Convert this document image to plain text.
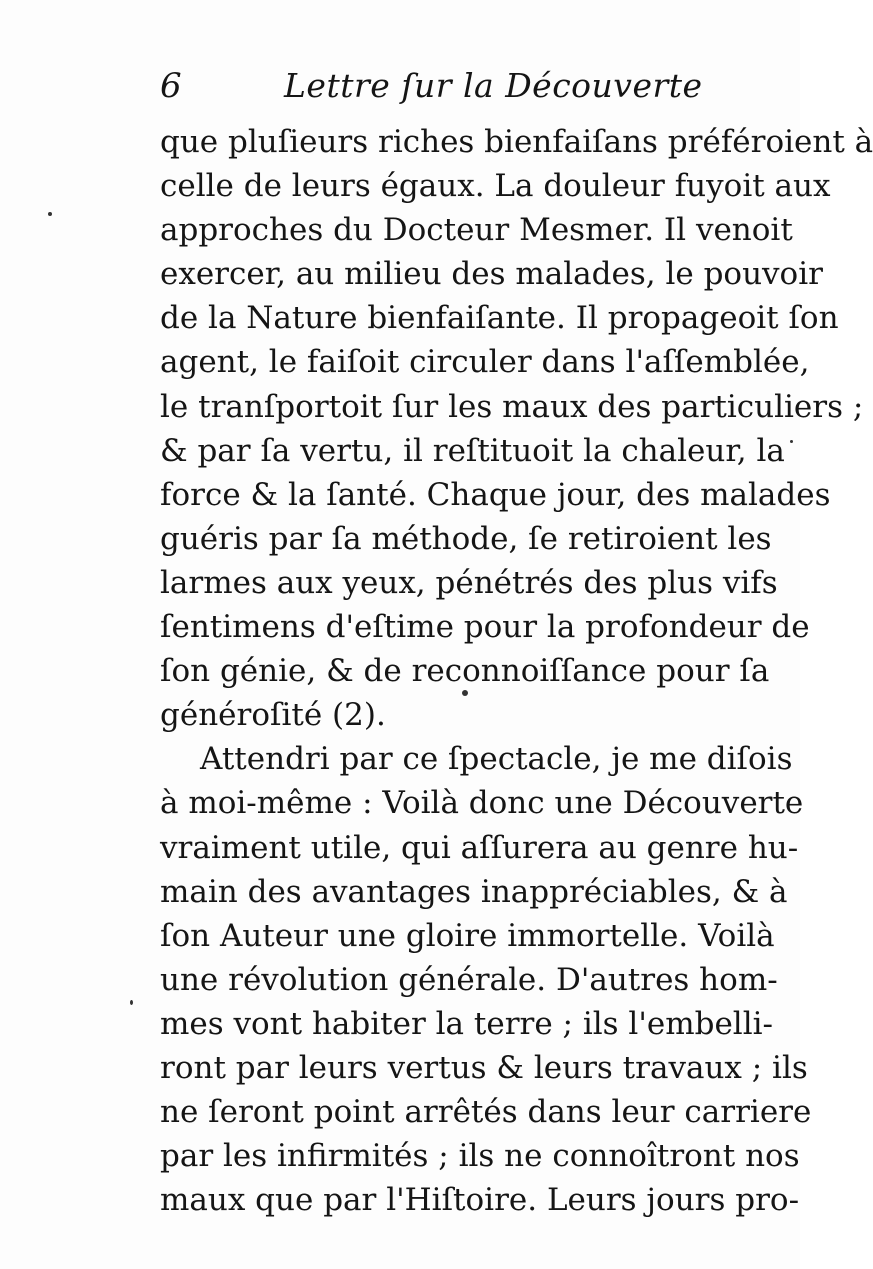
6	Lettre ſur la Découverte
que pluſieurs riches bienfaiſans préféroient à
celle de leurs égaux. La douleur fuyoit aux
approches du Docteur Mesmer. Il venoit
exercer, au milieu des malades, le pouvoir
de la Nature bienfaiſante. Il propageoit ſon
agent, le faiſoit circuler dans l'aſſemblée,
le tranſportoit ſur les maux des particuliers ;
& par ſa vertu, il reſtituoit la chaleur, la
force & la ſanté. Chaque jour, des malades
guéris par ſa méthode, ſe retiroient les
larmes aux yeux, pénétrés des plus vifs
ſentimens d'eſtime pour la profondeur de
ſon génie, & de reconnoiſſance pour ſa
généroſité (2).
Attendri par ce ſpectacle, je me diſois
à moi-même : Voilà donc une Découverte
vraiment utile, qui aſſurera au genre hu-
main des avantages inappréciables, & à
ſon Auteur une gloire immortelle. Voilà
une révolution générale. D'autres hom-
mes vont habiter la terre ; ils l'embelli-
ront par leurs vertus & leurs travaux ; ils
ne ſeront point arrêtés dans leur carriere
par les infirmités ; ils ne connoîtront nos
maux que par l'Hiſtoire. Leurs jours pro-
